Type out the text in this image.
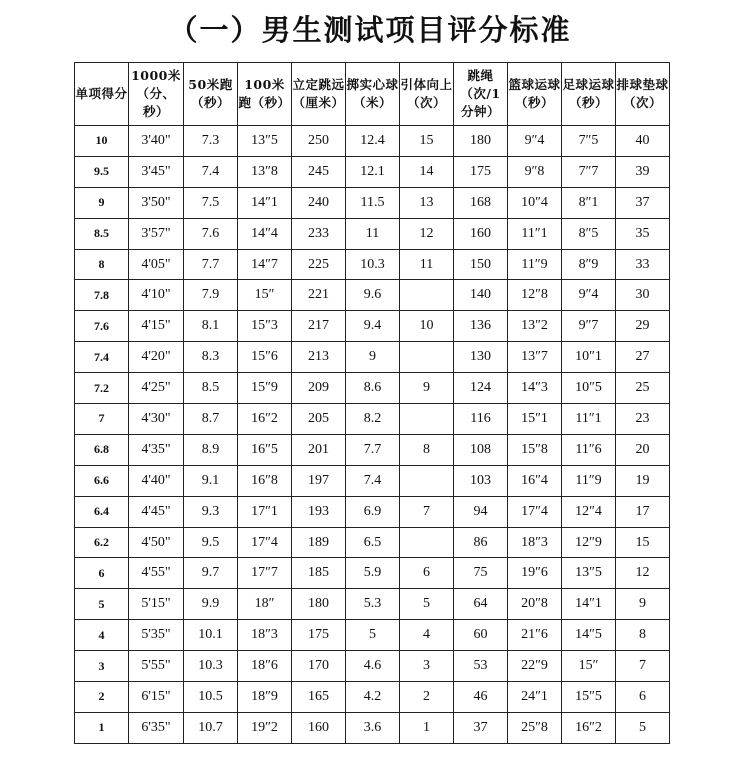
（一）男生测试项目评分标准
单项得分	1000米（分、秒）	50米跑（秒）	100米跑（秒）	立定跳远（厘米）	掷实心球（米）	引体向上（次）	跳绳（次/1分钟）	篮球运球（秒）	足球运球（秒）	排球垫球（次）
10	3'40"	7.3	13″5	250	12.4	15	180	9″4	7″5	40
9.5	3'45"	7.4	13″8	245	12.1	14	175	9″8	7″7	39
9	3'50"	7.5	14″1	240	11.5	13	168	10″4	8″1	37
8.5	3'57"	7.6	14″4	233	11	12	160	11″1	8″5	35
8	4'05"	7.7	14″7	225	10.3	11	150	11″9	8″9	33
7.8	4'10"	7.9	15″	221	9.6		140	12″8	9″4	30
7.6	4'15"	8.1	15″3	217	9.4	10	136	13″2	9″7	29
7.4	4'20"	8.3	15″6	213	9		130	13″7	10″1	27
7.2	4'25"	8.5	15″9	209	8.6	9	124	14″3	10″5	25
7	4'30"	8.7	16″2	205	8.2		116	15″1	11″1	23
6.8	4'35"	8.9	16″5	201	7.7	8	108	15″8	11″6	20
6.6	4'40"	9.1	16″8	197	7.4		103	16″4	11″9	19
6.4	4'45"	9.3	17″1	193	6.9	7	94	17″4	12″4	17
6.2	4'50"	9.5	17″4	189	6.5		86	18″3	12″9	15
6	4'55"	9.7	17″7	185	5.9	6	75	19″6	13″5	12
5	5'15"	9.9	18″	180	5.3	5	64	20″8	14″1	9
4	5'35"	10.1	18″3	175	5	4	60	21″6	14″5	8
3	5'55"	10.3	18″6	170	4.6	3	53	22″9	15″	7
2	6'15"	10.5	18″9	165	4.2	2	46	24″1	15″5	6
1	6'35"	10.7	19″2	160	3.6	1	37	25″8	16″2	5
